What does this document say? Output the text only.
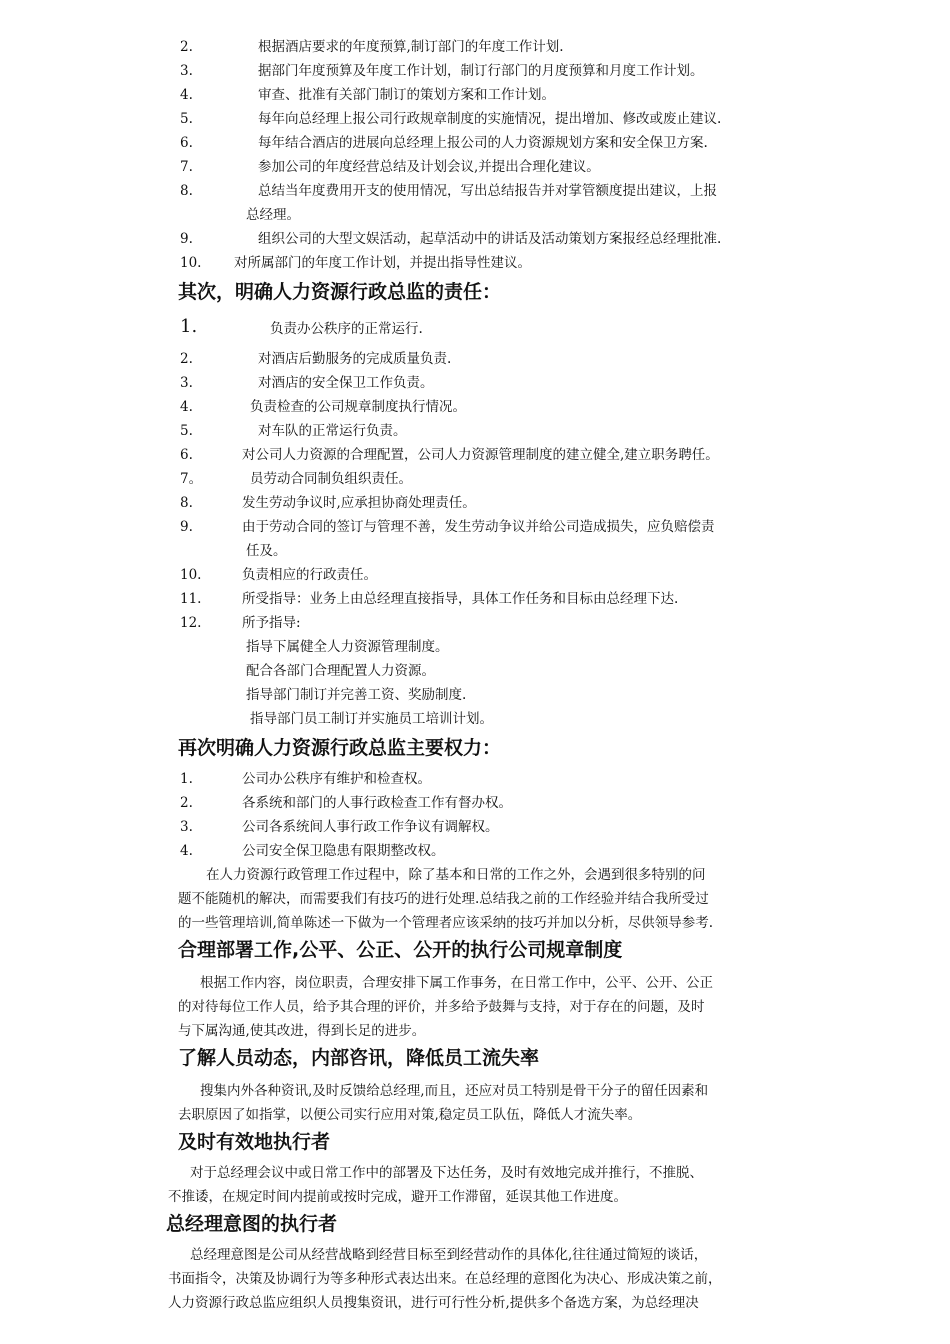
2.	根据酒店要求的年度预算,制订部门的年度工作计划.
3.	据部门年度预算及年度工作计划，制订行部门的月度预算和月度工作计划。
4.	审查、批准有关部门制订的策划方案和工作计划。
5.	每年向总经理上报公司行政规章制度的实施情况，提出增加、修改或废止建议.
6.	每年结合酒店的进展向总经理上报公司的人力资源规划方案和安全保卫方案.
7.	参加公司的年度经营总结及计划会议,并提出合理化建议。
8.	总结当年度费用开支的使用情况，写出总结报告并对掌管额度提出建议，上报
总经理。
9.	组织公司的大型文娱活动，起草活动中的讲话及活动策划方案报经总经理批准.
10. 对所属部门的年度工作计划，并提出指导性建议。
其次，明确人力资源行政总监的责任：
1.	负责办公秩序的正常运行.
2.	对酒店后勤服务的完成质量负责.
3.	对酒店的安全保卫工作负责。
4.	负责检查的公司规章制度执行情况。
5.	对车队的正常运行负责。
6.	对公司人力资源的合理配置，公司人力资源管理制度的建立健全,建立职务聘任。
7。	员劳动合同制负组织责任。
8.	发生劳动争议时,应承担协商处理责任。
9.	由于劳动合同的签订与管理不善，发生劳动争议并给公司造成损失，应负赔偿责
任及。
10.	负责相应的行政责任。
11.	所受指导：业务上由总经理直接指导，具体工作任务和目标由总经理下达.
12.	所予指导:
指导下属健全人力资源管理制度。
配合各部门合理配置人力资源。
指导部门制订并完善工资、奖励制度.
指导部门员工制订并实施员工培训计划。
再次明确人力资源行政总监主要权力：
1.	公司办公秩序有维护和检查权。
2.	各系统和部门的人事行政检查工作有督办权。
3.	公司各系统间人事行政工作争议有调解权。
4.	公司安全保卫隐患有限期整改权。
在人力资源行政管理工作过程中，除了基本和日常的工作之外，会遇到很多特别的问
题不能随机的解决，而需要我们有技巧的进行处理.总结我之前的工作经验并结合我所受过
的一些管理培训,简单陈述一下做为一个管理者应该采纳的技巧并加以分析，尽供领导参考.
合理部署工作,公平、公正、公开的执行公司规章制度
根据工作内容，岗位职责，合理安排下属工作事务，在日常工作中，公平、公开、公正
的对待每位工作人员，给予其合理的评价，并多给予鼓舞与支持，对于存在的问题，及时
与下属沟通,使其改进，得到长足的进步。
了解人员动态，内部咨讯，降低员工流失率
搜集内外各种资讯,及时反馈给总经理,而且，还应对员工特别是骨干分子的留任因素和
去职原因了如指掌，以便公司实行应用对策,稳定员工队伍，降低人才流失率。
及时有效地执行者
对于总经理会议中或日常工作中的部署及下达任务，及时有效地完成并推行，不推脱、
不推诿，在规定时间内提前或按时完成，避开工作滞留，延误其他工作进度。
总经理意图的执行者
总经理意图是公司从经营战略到经营目标至到经营动作的具体化,往往通过简短的谈话，
书面指令，决策及协调行为等多种形式表达出来。在总经理的意图化为决心、形成决策之前，
人力资源行政总监应组织人员搜集资讯，进行可行性分析,提供多个备选方案，为总经理决
